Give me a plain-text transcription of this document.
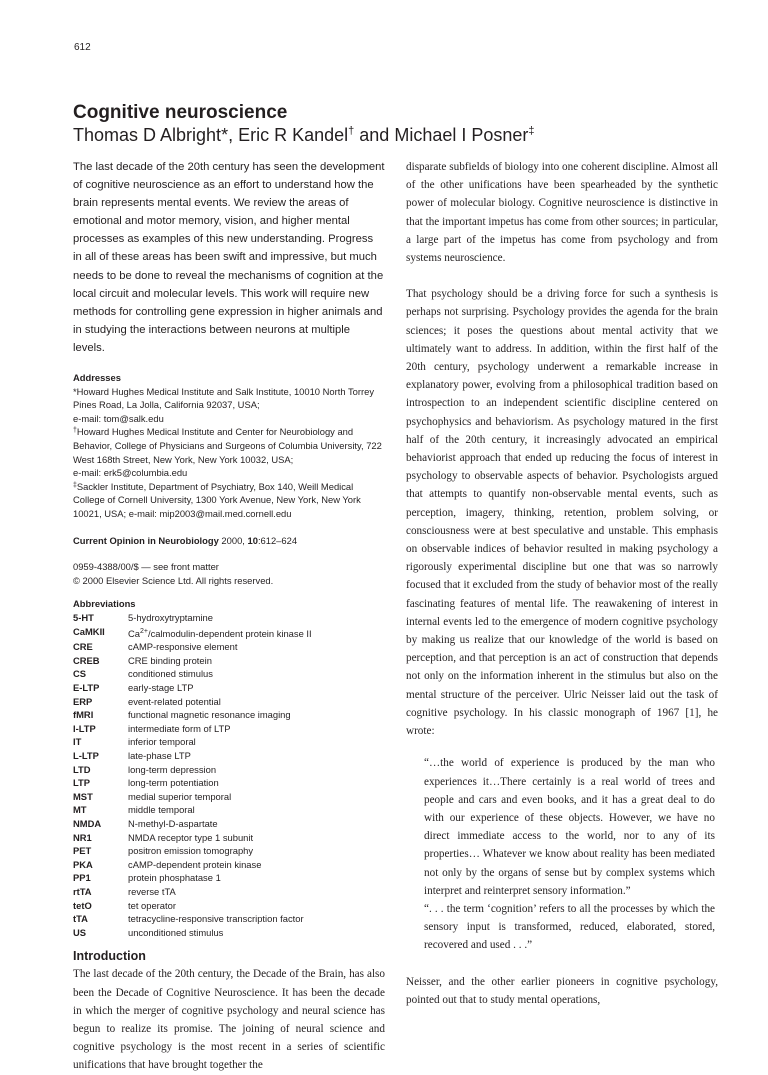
612
Cognitive neuroscience

Thomas D Albright*, Eric R Kandel† and Michael I Posner‡

The last decade of the 20th century has seen the development of cognitive neuroscience as an effort to understand how the brain represents mental events. We review the areas of emotional and motor memory, vision, and higher mental processes as examples of this new understanding. Progress in all of these areas has been swift and impressive, but much needs to be done to reveal the mechanisms of cognition at the local circuit and molecular levels. This work will require new methods for controlling gene expression in higher animals and in studying the interactions between neurons at multiple levels.

Addresses

*Howard Hughes Medical Institute and Salk Institute, 10010 North Torrey Pines Road, La Jolla, California 92037, USA;
e-mail: tom@salk.edu

†Howard Hughes Medical Institute and Center for Neurobiology and Behavior, College of Physicians and Surgeons of Columbia University, 722 West 168th Street, New York, New York 10032, USA;
e-mail: erk5@columbia.edu

‡Sackler Institute, Department of Psychiatry, Box 140, Weill Medical College of Cornell University, 1300 York Avenue, New York, New York 10021, USA; e-mail: mip2003@mail.med.cornell.edu

Current Opinion in Neurobiology 2000, 10:612–624

0959-4388/00/$ — see front matter

© 2000 Elsevier Science Ltd. All rights reserved.

Abbreviations
5-HT	5-hydroxytryptamine
CaMKII	$Ca^{2+}/calmodulin$-dependent protein kinase II
CRE	cAMP-responsive element
CREB	CRE binding protein
CS	conditioned stimulus
E-LTP	early-stage LTP
ERP	event-related potential
fMRI	functional magnetic resonance imaging
I-LTP	intermediate form of LTP
IT	inferior temporal
L-LTP	late-phase LTP
LTD	long-term depression
LTP	long-term potentiation
MST	medial superior temporal
MT	middle temporal
NMDA	N-methyl-D-aspartate
NR1	NMDA receptor type 1 subunit
PET	positron emission tomography
PKA	cAMP-dependent protein kinase
PP1	protein phosphatase 1
rtTA	reverse tTA
tetO	tet operator
tTA	tetracycline-responsive transcription factor
US	unconditioned stimulus
Introduction

The last decade of the 20th century, the Decade of the Brain, has also been the Decade of Cognitive Neuroscience. It has been the decade in which the merger of cognitive psychology and neural science has begun to realize its promise. The joining of neural science and cognitive psychology is the most recent in a series of scientific unifications that have brought together the

disparate subfields of biology into one coherent discipline. Almost all of the other unifications have been spearheaded by the synthetic power of molecular biology. Cognitive neuroscience is distinctive in that the important impetus has come from other sources; in particular, a large part of the impetus has come from psychology and from systems neuroscience.

That psychology should be a driving force for such a synthesis is perhaps not surprising. Psychology provides the agenda for the brain sciences; it poses the questions about mental activity that we ultimately want to address. In addition, within the first half of the 20th century, psychology underwent a remarkable increase in explanatory power, evolving from a philosophical tradition based on introspection to an independent scientific discipline centered on psychophysics and behaviorism. As psychology matured in the first half of the 20th century, it increasingly advocated an empirical behaviorist approach that ended up reducing the focus of interest in psychology to observable aspects of behavior. Psychologists argued that attempts to quantify non-observable mental events, such as perception, imagery, thinking, retention, problem solving, or consciousness were at best speculative and unstable. This emphasis on observable indices of behavior resulted in making psychology a rigorously experimental discipline but one that was so narrowly focused that it excluded from the study of behavior most of the really fascinating features of mental life. The reawakening of interest in internal events led to the emergence of modern cognitive psychology by making us realize that our knowledge of the world is based on perception, and that perception is an act of construction that depends not only on the information inherent in the stimulus but also on the mental structure of the perceiver. Ulric Neisser laid out the task of cognitive psychology. In his classic monograph of 1967 [1], he wrote:

“…the world of experience is produced by the man who experiences it…There certainly is a real world of trees and people and cars and even books, and it has a great deal to do with our experience of these objects. However, we have no direct immediate access to the world, nor to any of its properties… Whatever we know about reality has been mediated not only by the organs of sense but by complex systems which interpret and reinterpret sensory information.”

“. . . the term ‘cognition’ refers to all the processes by which the sensory input is transformed, reduced, elaborated, stored, recovered and used . . .”

Neisser, and the other earlier pioneers in cognitive psychology, pointed out that to study mental operations,
